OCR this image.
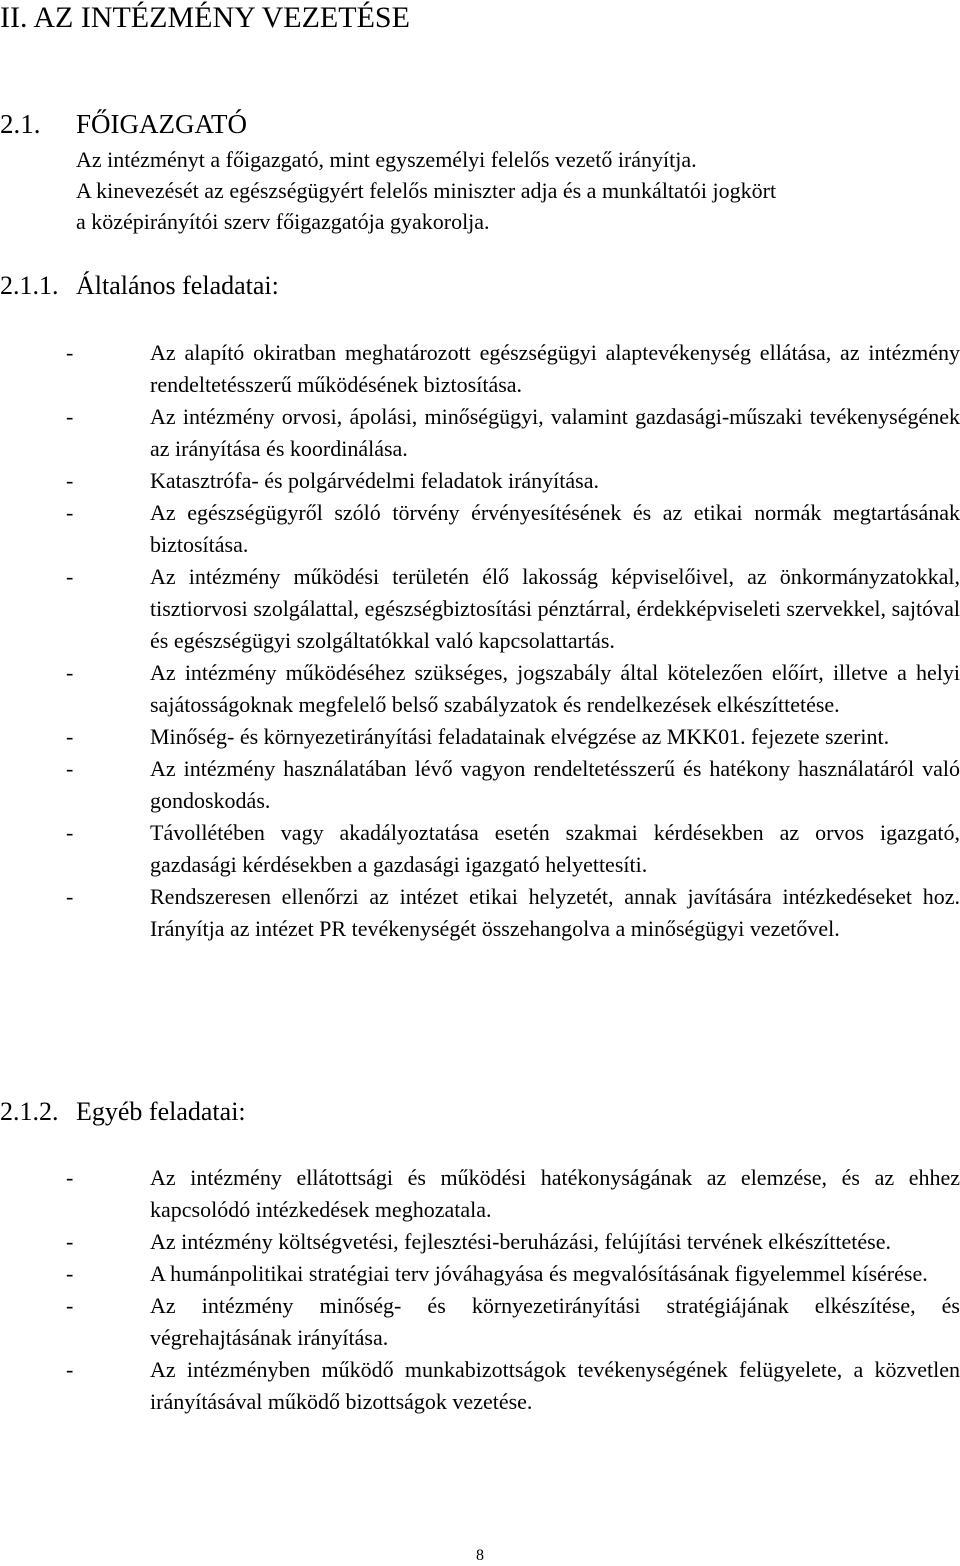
II. AZ INTÉZMÉNY VEZETÉSE
2.1. FŐIGAZGATÓ

Az intézményt a főigazgató, mint egyszemélyi felelős vezető irányítja.

A kinevezését az egészségügyért felelős miniszter adja és a munkáltatói jogkört

a középirányítói szerv főigazgatója gyakorolja.

2.1.1. Általános feladatai:
-	Az alapító okiratban meghatározott egészségügyi alaptevékenység ellátása, az intézmény rendeltetésszerű működésének biztosítása.
-	Az intézmény orvosi, ápolási, minőségügyi, valamint gazdasági-műszaki tevékenységének az irányítása és koordinálása.
-	Katasztrófa- és polgárvédelmi feladatok irányítása.
-	Az egészségügyről szóló törvény érvényesítésének és az etikai normák megtartásának biztosítása.
-	Az intézmény működési területén élő lakosság képviselőivel, az önkormányzatokkal, tisztiorvosi szolgálattal, egészségbiztosítási pénztárral, érdekképviseleti szervekkel, sajtóval és egészségügyi szolgáltatókkal való kapcsolattartás.
-	Az intézmény működéséhez szükséges, jogszabály által kötelezően előírt, illetve a helyi sajátosságoknak megfelelő belső szabályzatok és rendelkezések elkészíttetése.
-	Minőség- és környezetirányítási feladatainak elvégzése az MKK01. fejezete szerint.
-	Az intézmény használatában lévő vagyon rendeltetésszerű és hatékony használatáról való gondoskodás.
-	Távollétében vagy akadályoztatása esetén szakmai kérdésekben az orvos igazgató, gazdasági kérdésekben a gazdasági igazgató helyettesíti.
-	Rendszeresen ellenőrzi az intézet etikai helyzetét, annak javítására intézkedéseket hoz. Irányítja az intézet PR tevékenységét összehangolva a minőségügyi vezetővel.
2.1.2. Egyéb feladatai:
-	Az intézmény ellátottsági és működési hatékonyságának az elemzése, és az ehhez kapcsolódó intézkedések meghozatala.
-	Az intézmény költségvetési, fejlesztési-beruházási, felújítási tervének elkészíttetése.
-	A humánpolitikai stratégiai terv jóváhagyása és megvalósításának figyelemmel kísérése.
-	Az intézmény minőség- és környezetirányítási stratégiájának elkészítése, és végrehajtásának irányítása.
-	Az intézményben működő munkabizottságok tevékenységének felügyelete, a közvetlen irányításával működő bizottságok vezetése.
8
